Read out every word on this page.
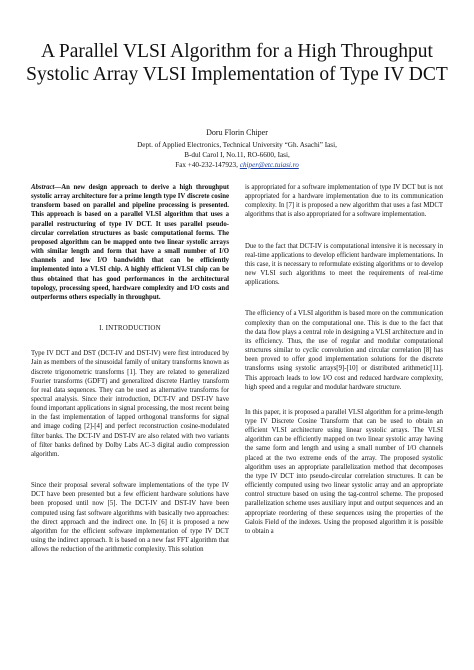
A Parallel VLSI Algorithm for a High Throughput Systolic Array VLSI Implementation of Type IV DCT
Doru Florin Chiper
Dept. of Applied Electronics, Technical University “Gh. Asachi” Iasi,
B-dul Carol I, No.11, RO-6600, Iasi,
Fax +40-232-147923, chiper@etc.tuiasi.ro

Abstract—An new design approach to derive a high throughput systolic array architecture for a prime length type IV discrete cosine transform based on parallel and pipeline processing is presented. This approach is based on a parallel VLSI algorithm that uses a parallel restructuring of type IV DCT. It uses parallel pseudo-circular correlation structures as basic computational forms. The proposed algorithm can be mapped onto two linear systolic arrays with similar length and form that have a small number of I/O channels and low I/O bandwidth that can be efficiently implemented into a VLSI chip. A highly efficient VLSI chip can be thus obtained that has good performances in the architectural topology, processing speed, hardware complexity and I/O costs and outperforms others especially in throughput.

I. INTRODUCTION

Type IV DCT and DST (DCT-IV and DST-IV) were first introduced by Jain as members of the sinusoidal family of unitary transforms known as discrete trigonometric transforms [1]. They are related to generalized Fourier transforms (GDFT) and generalized discrete Hartley transform for real data sequences. They can be used as alternative transforms for spectral analysis. Since their introduction, DCT-IV and DST-IV have found important applications in signal processing, the most recent being in the fast implementation of lapped orthogonal transforms for signal and image coding [2]-[4] and perfect reconstruction cosine-modulated filter banks. The DCT-IV and DST-IV are also related with two variants of filter banks defined by Dolby Labs AC-3 digital audio compression algorithm.

Since their proposal several software implementations of the type IV DCT have been presented but a few efficient hardware solutions have been proposed until now [5]. The DCT-IV and DST-IV have been computed using fast software algorithms with basically two approaches: the direct approach and the indirect one. In [6] it is proposed a new algorithm for the efficient software implementation of type IV DCT using the indirect approach. It is based on a new fast FFT algorithm that allows the reduction of the arithmetic complexity. This solution

is appropriated for a software implementation of type IV DCT but is not appropriated for a hardware implementation due to its communication complexity. In [7] it is proposed a new algorithm that uses a fast MDCT algorithms that is also appropriated for a software implementation.

Due to the fact that DCT-IV is computational intensive it is necessary in real-time applications to develop efficient hardware implementations. In this case, it is necessary to reformulate existing algorithms or to develop new VLSI such algorithms to meet the requirements of real-time applications.

The efficiency of a VLSI algorithm is based more on the communication complexity than on the computational one. This is due to the fact that the data flow plays a central role in designing a VLSI architecture and in its efficiency. Thus, the use of regular and modular computational structures similar to cyclic convolution and circular correlation [8] has been proved to offer good implementation solutions for the discrete transforms using systolic arrays[9]-[10] or distributed arithmetic[11]. This approach leads to low I/O cost and reduced hardware complexity, high speed and a regular and modular hardware structure.

In this paper, it is proposed a parallel VLSI algorithm for a prime-length type IV Discrete Cosine Transform that can be used to obtain an efficient VLSI architecture using linear systolic arrays. The VLSI algorithm can be efficiently mapped on two linear systolic array having the same form and length and using a small number of I/O channels placed at the two extreme ends of the array. The proposed systolic algorithm uses an appropriate parallelization method that decomposes the type IV DCT into pseudo-circular correlation structures. It can be efficiently computed using two linear systolic array and an appropriate control structure based on using the tag-control scheme. The proposed parallelization scheme uses auxiliary input and output sequences and an appropriate reordering of these sequences using the properties of the Galois Field of the indexes. Using the proposed algorithm it is possible to obtain a
